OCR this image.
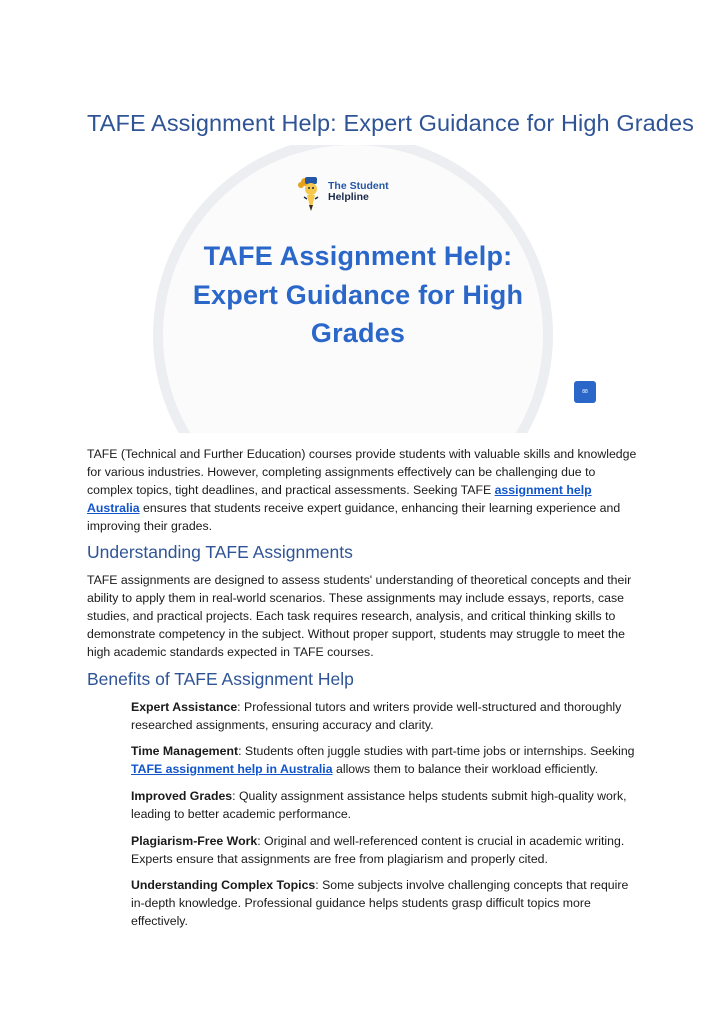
TAFE Assignment Help: Expert Guidance for High Grades
The Student
Helpline
TAFE Assignment Help: Expert Guidance for High Grades
88

TAFE (Technical and Further Education) courses provide students with valuable skills and knowledge for various industries. However, completing assignments effectively can be challenging due to complex topics, tight deadlines, and practical assessments. Seeking TAFE assignment help Australia ensures that students receive expert guidance, enhancing their learning experience and improving their grades.

Understanding TAFE Assignments

TAFE assignments are designed to assess students' understanding of theoretical concepts and their ability to apply them in real-world scenarios. These assignments may include essays, reports, case studies, and practical projects. Each task requires research, analysis, and critical thinking skills to demonstrate competency in the subject. Without proper support, students may struggle to meet the high academic standards expected in TAFE courses.

Benefits of TAFE Assignment Help

Expert Assistance: Professional tutors and writers provide well-structured and thoroughly researched assignments, ensuring accuracy and clarity.

Time Management: Students often juggle studies with part-time jobs or internships. Seeking TAFE assignment help in Australia allows them to balance their workload efficiently.

Improved Grades: Quality assignment assistance helps students submit high-quality work, leading to better academic performance.

Plagiarism-Free Work: Original and well-referenced content is crucial in academic writing. Experts ensure that assignments are free from plagiarism and properly cited.

Understanding Complex Topics: Some subjects involve challenging concepts that require in-depth knowledge. Professional guidance helps students grasp difficult topics more effectively.
